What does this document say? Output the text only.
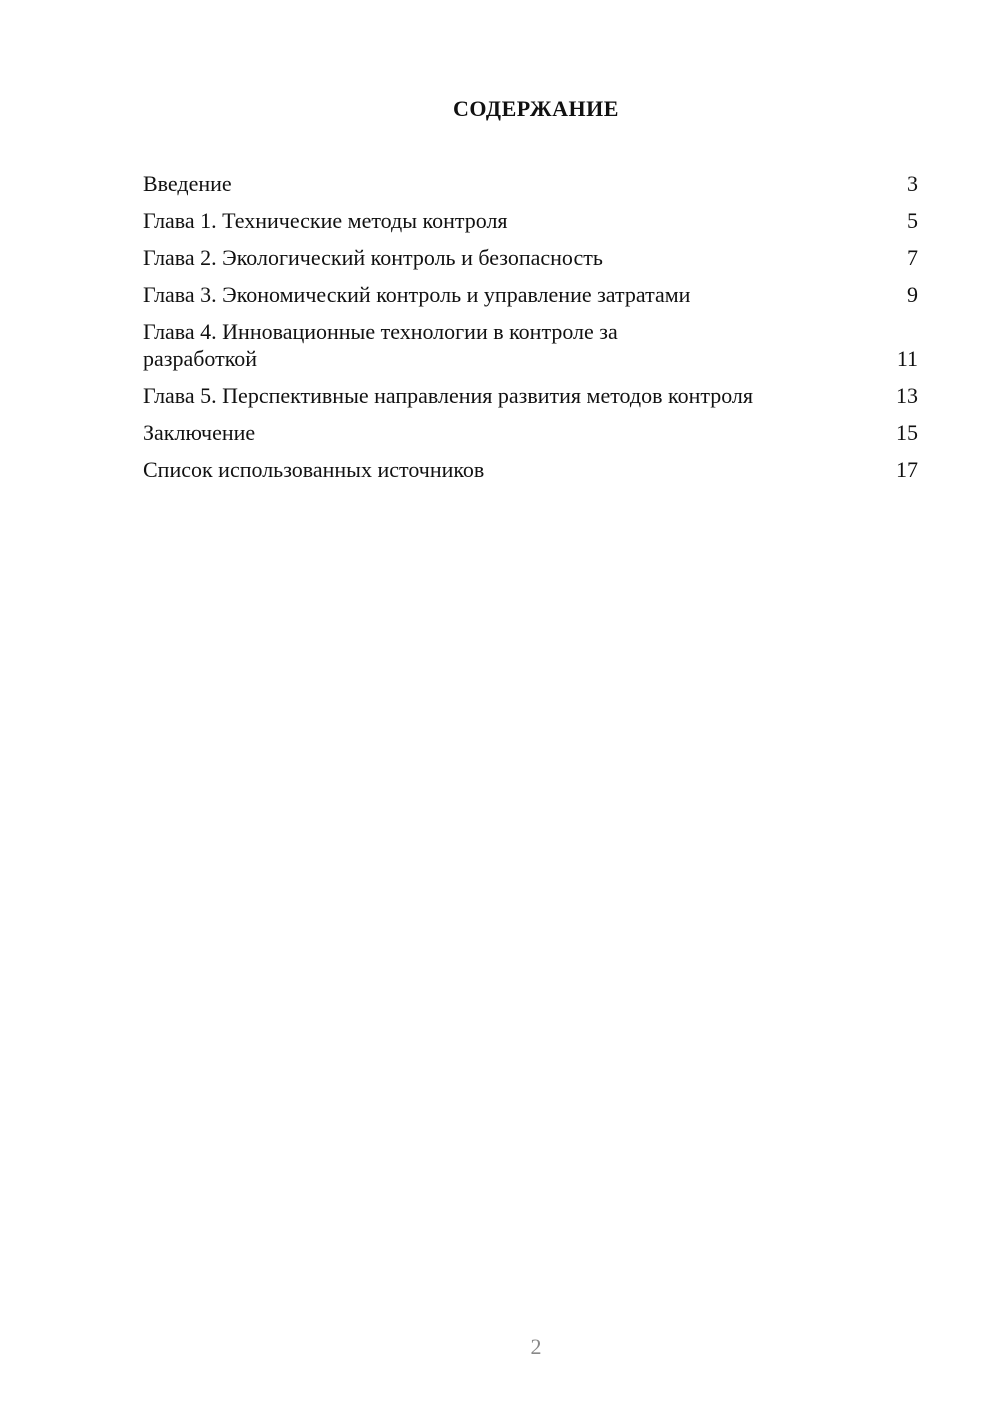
СОДЕРЖАНИЕ
Введение	3
Глава 1. Технические методы контроля	5
Глава 2. Экологический контроль и безопасность	7
Глава 3. Экономический контроль и управление затратами	9
Глава 4. Инновационные технологии в контроле за разработкой	11
Глава 5. Перспективные направления развития методов контроля	13
Заключение	15
Список использованных источников	17
2
